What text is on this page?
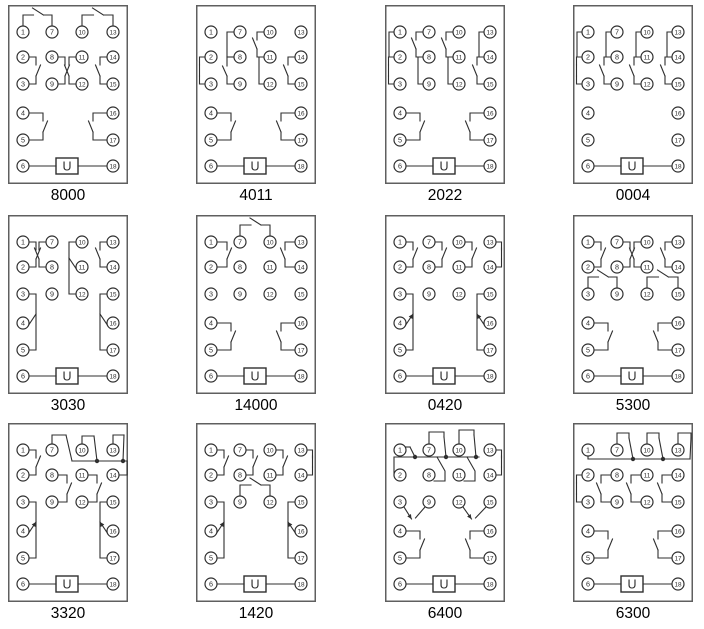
U
1
2
3
4
5
6
7
8
9
10
11
12
13
14
15
16
17
18
8000
U
1
2
3
4
5
6
7
8
9
10
11
12
13
14
15
16
17
18
4011
U
1
2
3
4
5
6
7
8
9
10
11
12
13
14
15
16
17
18
2022
U
1
2
3
4
5
6
7
8
9
10
11
12
13
14
15
16
17
18
0004
U
1
2
3
4
5
6
7
8
9
10
11
12
13
14
15
16
17
18
3030
U
1
2
3
4
5
6
7
8
9
10
11
12
13
14
15
16
17
18
14000
U
1
2
3
4
5
6
7
8
9
10
11
12
13
14
15
16
17
18
0420
U
1
2
3
4
5
6
7
8
9
10
11
12
13
14
15
16
17
18
5300
U
1
2
3
4
5
6
7
8
9
10
11
12
13
14
15
16
17
18
3320
U
1
2
3
4
5
6
7
8
9
10
11
12
13
14
15
16
17
18
1420
U
1
2
3
4
5
6
7
8
9
10
11
12
13
14
15
16
17
18
6400
U
1
2
3
4
5
6
7
8
9
10
11
12
13
14
15
16
17
18
6300
